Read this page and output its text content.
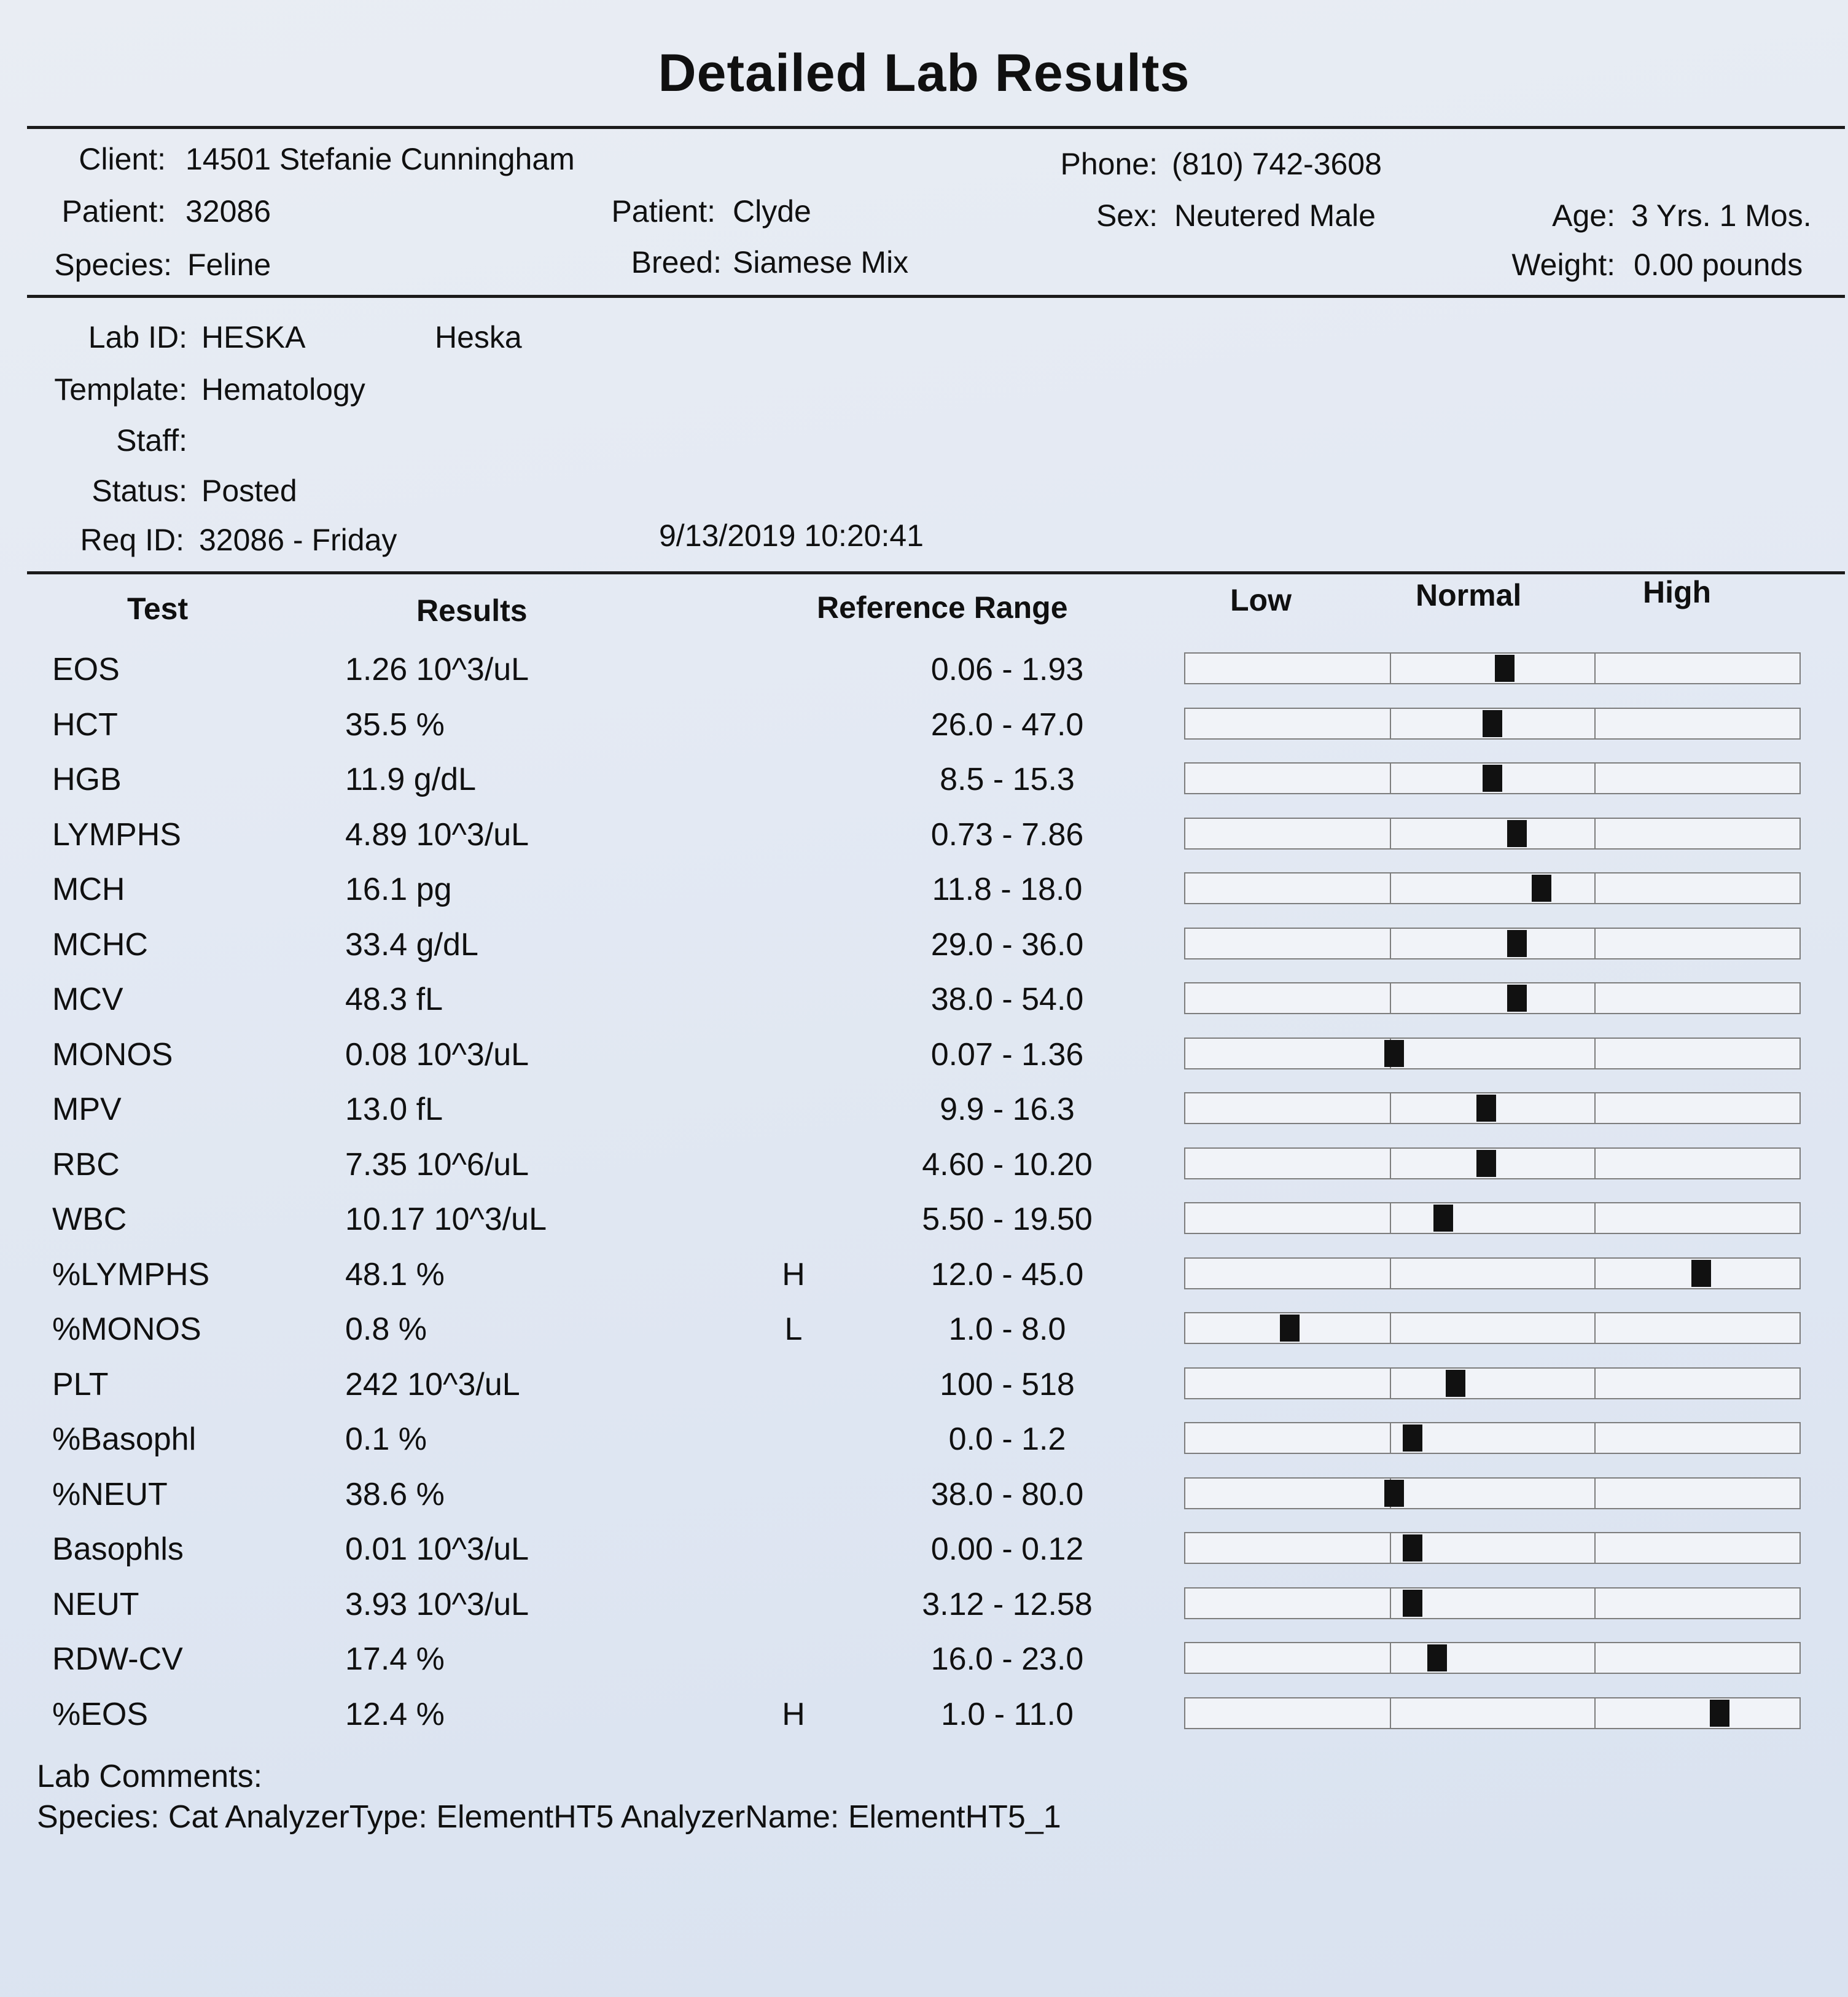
Detailed Lab Results
Client: 14501 Stefanie Cunningham	Phone: (810) 742-3608
Patient: 32086	Patient: Clyde	Sex: Neutered Male	Age: 3 Yrs. 1 Mos.
Species: Feline	Breed: Siamese Mix	Weight: 0.00 pounds
Lab ID: HESKA	Heska
Template: Hematology
Staff:
Status: Posted
Req ID: 32086 - Friday	9/13/2019 10:20:41
Test	Results	Reference Range	Low	Normal	High
EOS	1.26 10^3/uL	0.06 - 1.93
HCT	35.5 %	26.0 - 47.0
HGB	11.9 g/dL	8.5 - 15.3
LYMPHS	4.89 10^3/uL	0.73 - 7.86
MCH	16.1 pg	11.8 - 18.0
MCHC	33.4 g/dL	29.0 - 36.0
MCV	48.3 fL	38.0 - 54.0
MONOS	0.08 10^3/uL	0.07 - 1.36
MPV	13.0 fL	9.9 - 16.3
RBC	7.35 10^6/uL	4.60 - 10.20
WBC	10.17 10^3/uL	5.50 - 19.50
%LYMPHS	48.1 %	H	12.0 - 45.0
%MONOS	0.8 %	L	1.0 - 8.0
PLT	242 10^3/uL	100 - 518
%Basophl	0.1 %	0.0 - 1.2
%NEUT	38.6 %	38.0 - 80.0
Basophls	0.01 10^3/uL	0.00 - 0.12
NEUT	3.93 10^3/uL	3.12 - 12.58
RDW-CV	17.4 %	16.0 - 23.0
%EOS	12.4 %	H	1.0 - 11.0
Lab Comments:
Species: Cat AnalyzerType: ElementHT5 AnalyzerName: ElementHT5_1
